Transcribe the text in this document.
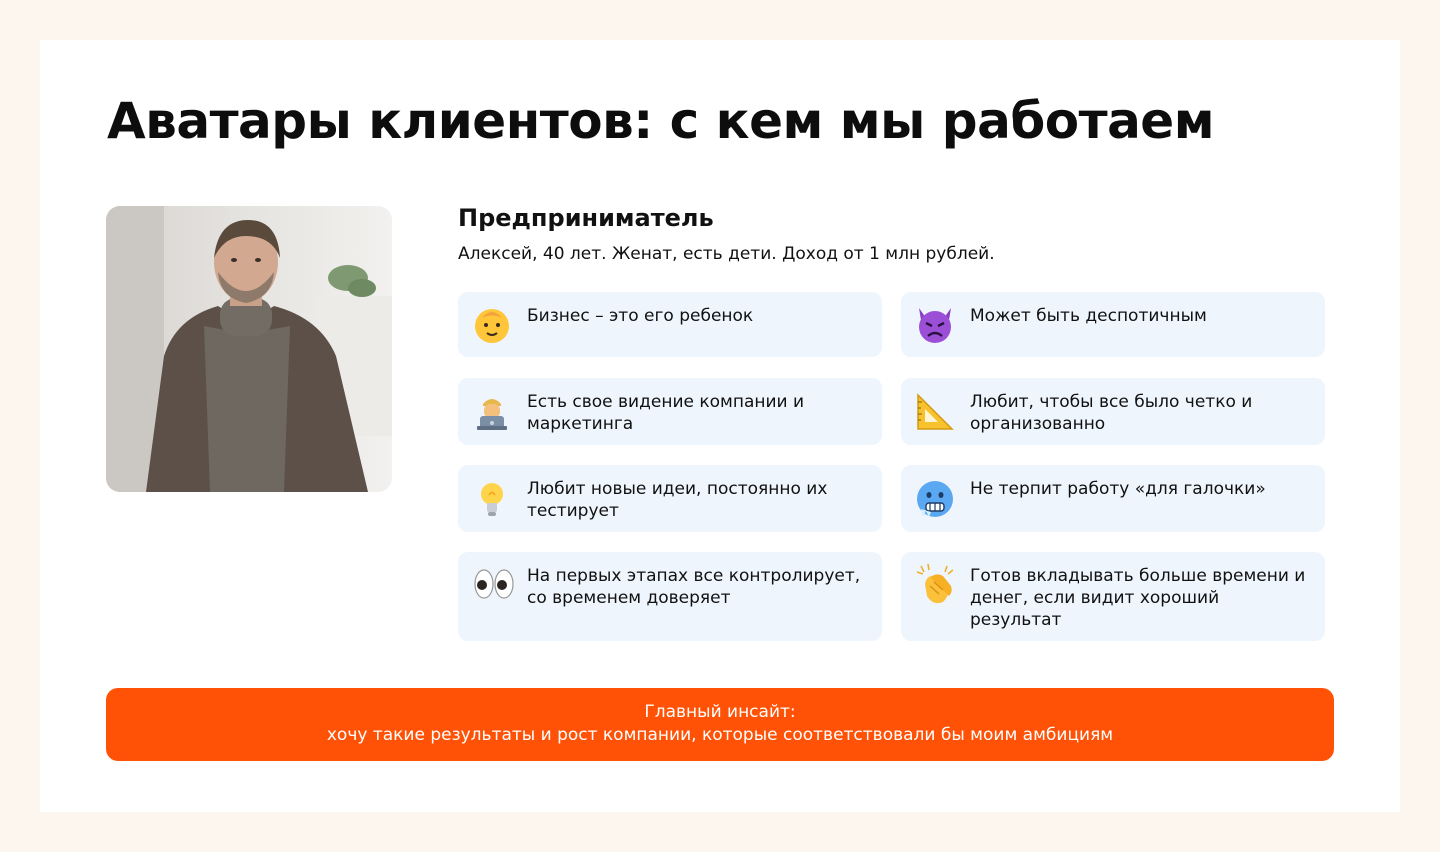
Аватары клиентов: с кем мы работаем
Предприниматель

Алексей, 40 лет. Женат, есть дети. Доход от 1 млн рублей.

Бизнес – это его ребенок	Может быть деспотичным
Есть свое видение компании и маркетинга
Любит, чтобы все было четко и организованно
Любит новые идеи, постоянно их тестирует
Не терпит работу «для галочки»
На первых этапах все контролирует, со временем доверяет
Готов вкладывать больше времени и денег, если видит хороший результат
Главный инсайт:
хочу такие результаты и рост компании, которые соответствовали бы моим амбициям
